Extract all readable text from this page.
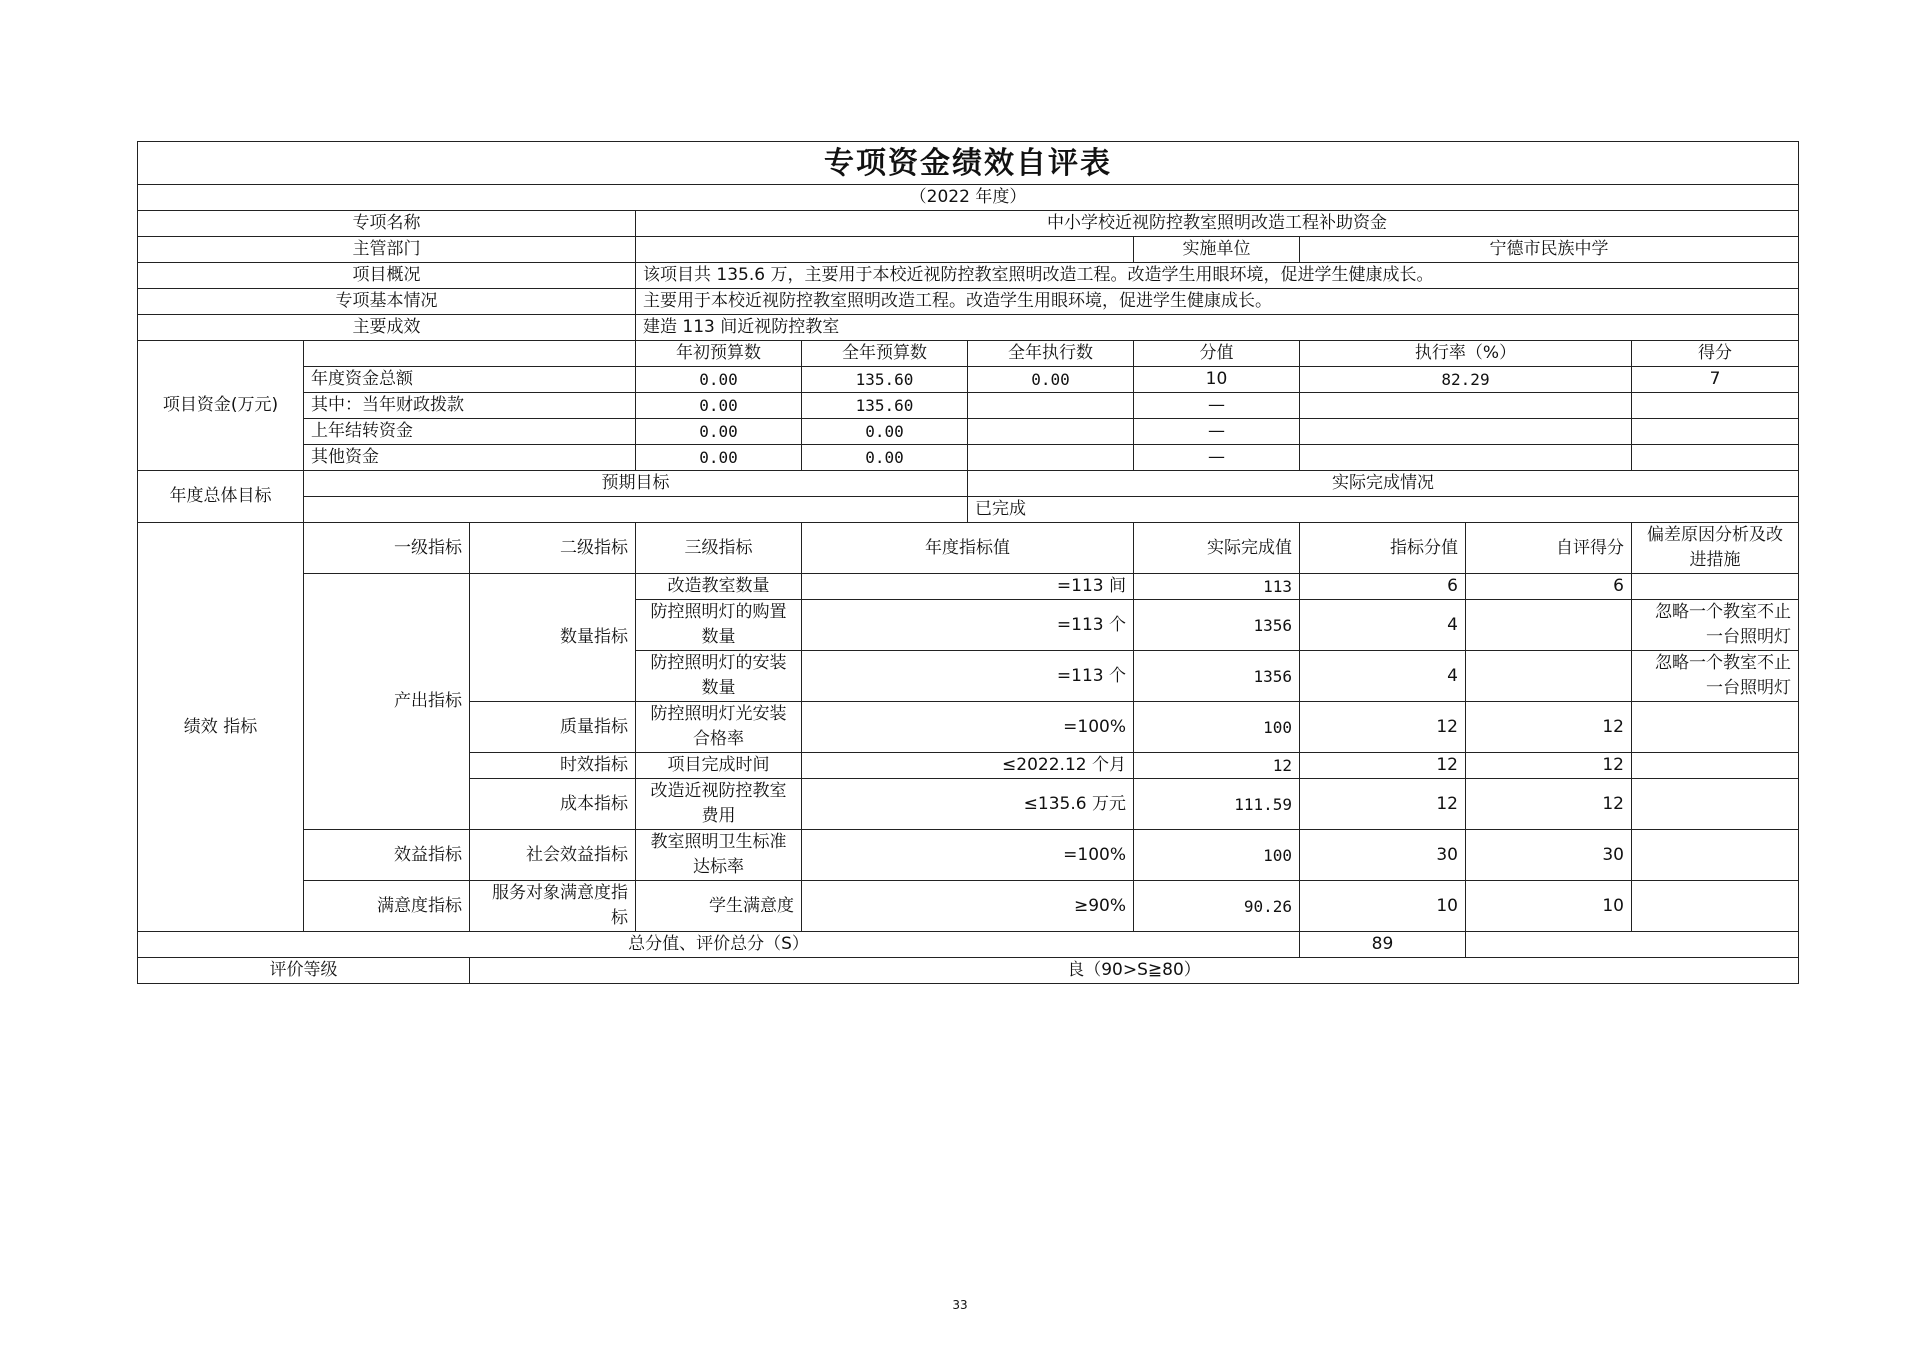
专项资金绩效自评表									
（2022 年度）									
专项名称			中小学校近视防控教室照明改造工程补助资金						
主管部门						实施单位	宁德市民族中学		
项目概况			该项目共 135.6 万，主要用于本校近视防控教室照明改造工程。改造学生用眼环境，促进学生健康成长。						
专项基本情况			主要用于本校近视防控教室照明改造工程。改造学生用眼环境，促进学生健康成长。						
主要成效			建造 113 间近视防控教室						
项目资金(万元)			年初预算数	全年预算数	全年执行数	分值	执行率（%）		得分
	年度资金总额		0.00	135.60	0.00	10	82.29		7
	其中：当年财政拨款		0.00	135.60		—			
	上年结转资金		0.00	0.00		—			
	其他资金		0.00	0.00		—			
年度总体目标	预期目标				实际完成情况				
					已完成				
绩效 指标	一级指标	二级指标	三级指标	年度指标值		实际完成值	指标分值	自评得分	偏差原因分析及改进措施
	产出指标	数量指标	改造教室数量	=113 间		113	6	6	
			防控照明灯的购置数量	=113 个		1356	4		忽略一个教室不止一台照明灯
			防控照明灯的安装数量	=113 个		1356	4		忽略一个教室不止一台照明灯
		质量指标	防控照明灯光安装合格率	=100%		100	12	12	
		时效指标	项目完成时间	≤2022.12 个月		12	12	12	
		成本指标	改造近视防控教室费用	≤135.6 万元		111.59	12	12	
	效益指标	社会效益指标	教室照明卫生标准达标率	=100%		100	30	30	
	满意度指标	服务对象满意度指标	学生满意度	≥90%		90.26	10	10	

总分值、评价总分（S）							89		
评价等级		良（90>S≧80）							
33
